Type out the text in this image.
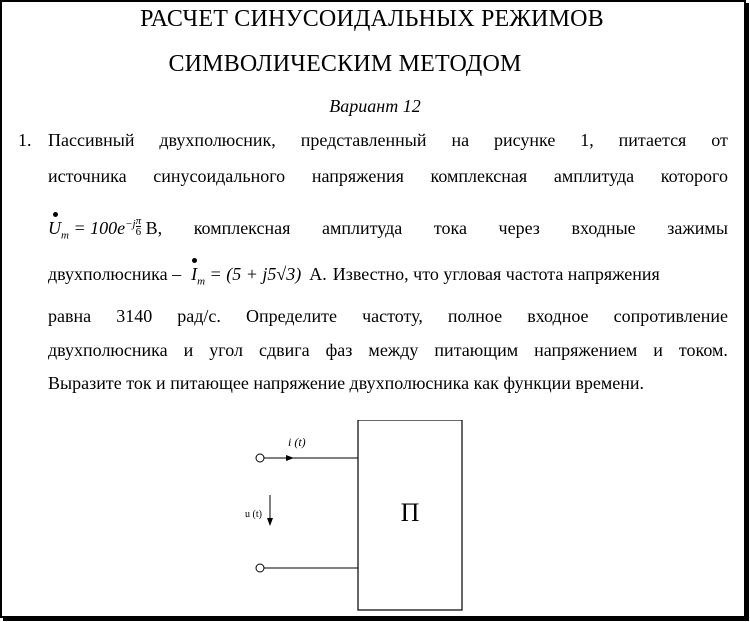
РАСЧЕТ СИНУСОИДАЛЬНЫХ РЕЖИМОВ
СИМВОЛИЧЕСКИМ МЕТОДОМ
Вариант 12
1. Пассивный двухполюсник, представленный на рисунке 1, питается от
источника синусоидального напряжения комплексная амплитуда которого
$U_m = 100e^{-j} \frac{\pi}{6} В$, комплексная амплитуда тока через входные зажимы
двухполюсника – $I_m = (5 + j5√3)$ А. Известно, что угловая частота напряжения
равна 3140 рад/с. Определите частоту, полное входное сопротивление
двухполюсника и угол сдвига фаз между питающим напряжением и током.
Выразите ток и питающее напряжение двухполюсника как функции времени.
i (t)
u (t)	П
